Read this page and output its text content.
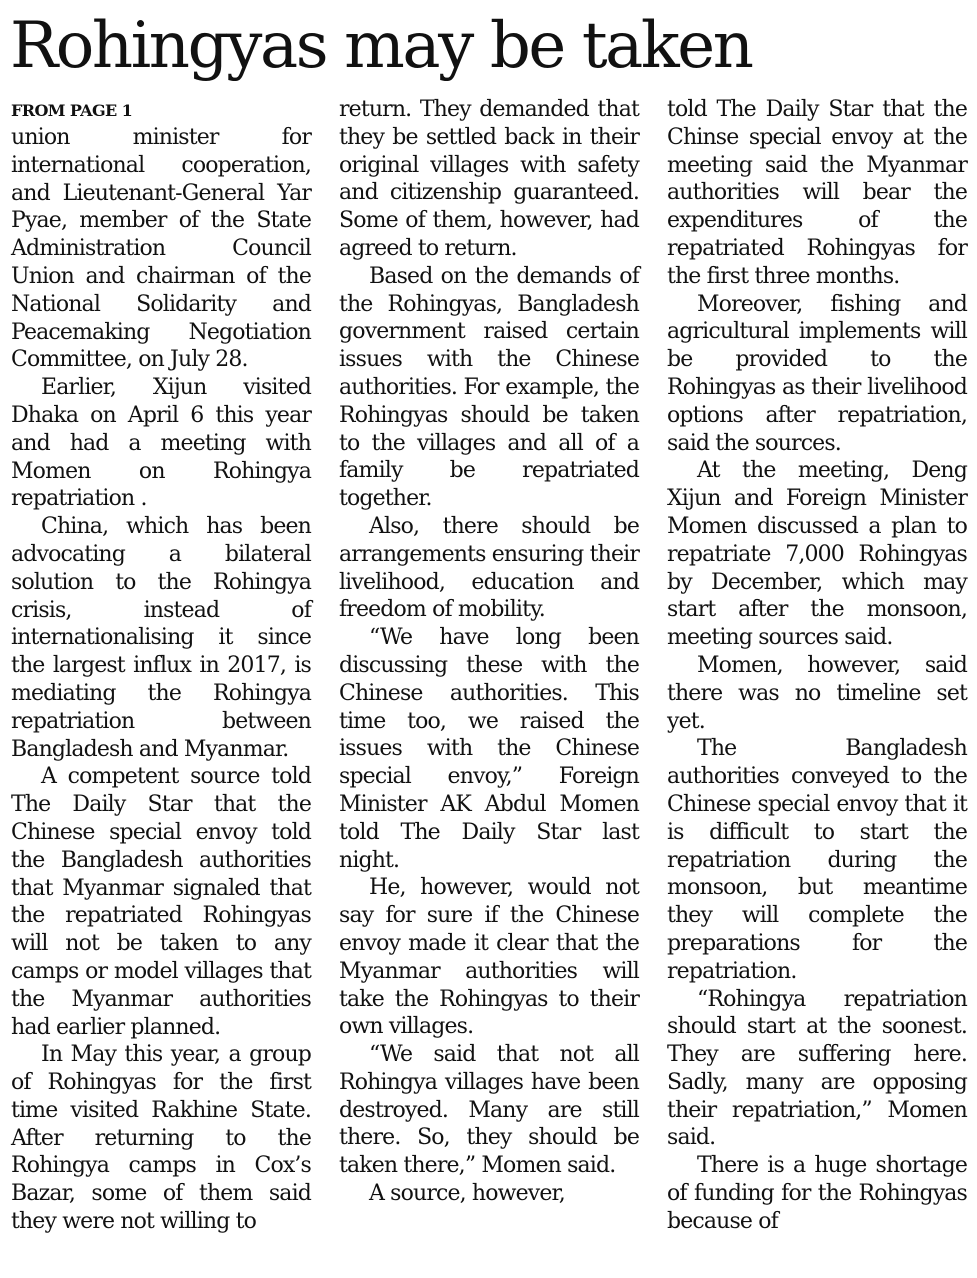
Rohingyas may be taken
FROM PAGE 1

union minister for international cooperation, and Lieutenant-General Yar Pyae, member of the State Administration Council Union and chairman of the National Solidarity and Peacemaking Negotiation Committee, on July 28.

Earlier, Xijun visited Dhaka on April 6 this year and had a meeting with Momen on Rohingya repatriation .

China, which has been advocating a bilateral solution to the Rohingya crisis, instead of internationalising it since the largest influx in 2017, is mediating the Rohingya repatriation between Bangladesh and Myanmar.

A competent source told The Daily Star that the Chinese special envoy told the Bangladesh authorities that Myanmar signaled that the repatriated Rohingyas will not be taken to any camps or model villages that the Myanmar authorities had earlier planned.

In May this year, a group of Rohingyas for the first time visited Rakhine State. After returning to the Rohingya camps in Cox’s Bazar, some of them said they were not willing to

return. They demanded that they be settled back in their original villages with safety and citizenship guaranteed. Some of them, however, had agreed to return.

Based on the demands of the Rohingyas, Bangladesh government raised certain issues with the Chinese authorities. For example, the Rohingyas should be taken to the villages and all of a family be repatriated together.

Also, there should be arrangements ensuring their livelihood, education and freedom of mobility.

“We have long been discussing these with the Chinese authorities. This time too, we raised the issues with the Chinese special envoy,” Foreign Minister AK Abdul Momen told The Daily Star last night.

He, however, would not say for sure if the Chinese envoy made it clear that the Myanmar authorities will take the Rohingyas to their own villages.

“We said that not all Rohingya villages have been destroyed. Many are still there. So, they should be taken there,” Momen said.

A source, however,

told The Daily Star that the Chinse special envoy at the meeting said the Myanmar authorities will bear the expenditures of the repatriated Rohingyas for the first three months.

Moreover, fishing and agricultural implements will be provided to the Rohingyas as their livelihood options after repatriation, said the sources.

At the meeting, Deng Xijun and Foreign Minister Momen discussed a plan to repatriate 7,000 Rohingyas by December, which may start after the monsoon, meeting sources said.

Momen, however, said there was no timeline set yet.

The Bangladesh authorities conveyed to the Chinese special envoy that it is difficult to start the repatriation during the monsoon, but meantime they will complete the preparations for the repatriation.

“Rohingya repatriation should start at the soonest. They are suffering here. Sadly, many are opposing their repatriation,” Momen said.

There is a huge shortage of funding for the Rohingyas because of
